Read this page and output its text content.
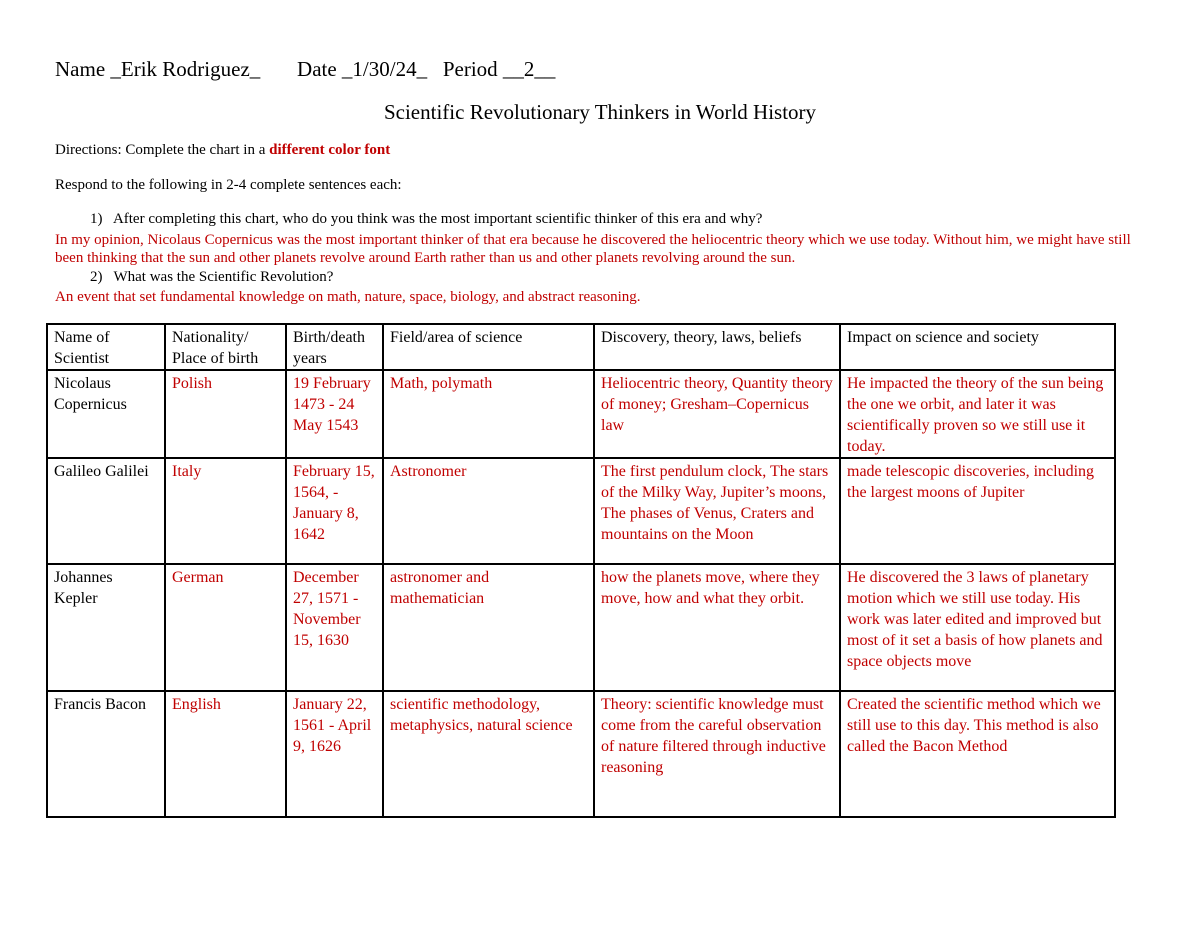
Name _Erik Rodriguez_       Date _1/30/24_   Period __2__
Scientific Revolutionary Thinkers in World History
Directions: Complete the chart in a different color font
Respond to the following in 2-4 complete sentences each:
1) After completing this chart, who do you think was the most important scientific thinker of this era and why?
In my opinion, Nicolaus Copernicus was the most important thinker of that era because he discovered the heliocentric theory which we use today. Without him, we might have still been thinking that the sun and other planets revolve around Earth rather than us and other planets revolving around the sun.
2) What was the Scientific Revolution?
An event that set fundamental knowledge on math, nature, space, biology, and abstract reasoning.
Name of Scientist	Nationality/ Place of birth	Birth/death years	Field/area of science	Discovery, theory, laws, beliefs	Impact on science and society
Nicolaus Copernicus	Polish	19 February 1473 - 24 May 1543	Math, polymath	Heliocentric theory, Quantity theory of money; Gresham–Copernicus law	He impacted the theory of the sun being the one we orbit, and later it was scientifically proven so we still use it today.
Galileo Galilei	Italy	February 15, 1564, - January 8, 1642	Astronomer	The first pendulum clock, The stars of the Milky Way, Jupiter’s moons, The phases of Venus, Craters and mountains on the Moon	made telescopic discoveries, including the largest moons of Jupiter
Johannes Kepler	German	December 27, 1571 - November 15, 1630	astronomer and mathematician	how the planets move, where they move, how and what they orbit.	He discovered the 3 laws of planetary motion which we still use today. His work was later edited and improved but most of it set a basis of how planets and space objects move
Francis Bacon	English	January 22, 1561 - April 9, 1626	scientific methodology, metaphysics, natural science	Theory: scientific knowledge must come from the careful observation of nature filtered through inductive reasoning	Created the scientific method which we still use to this day. This method is also called the Bacon Method
